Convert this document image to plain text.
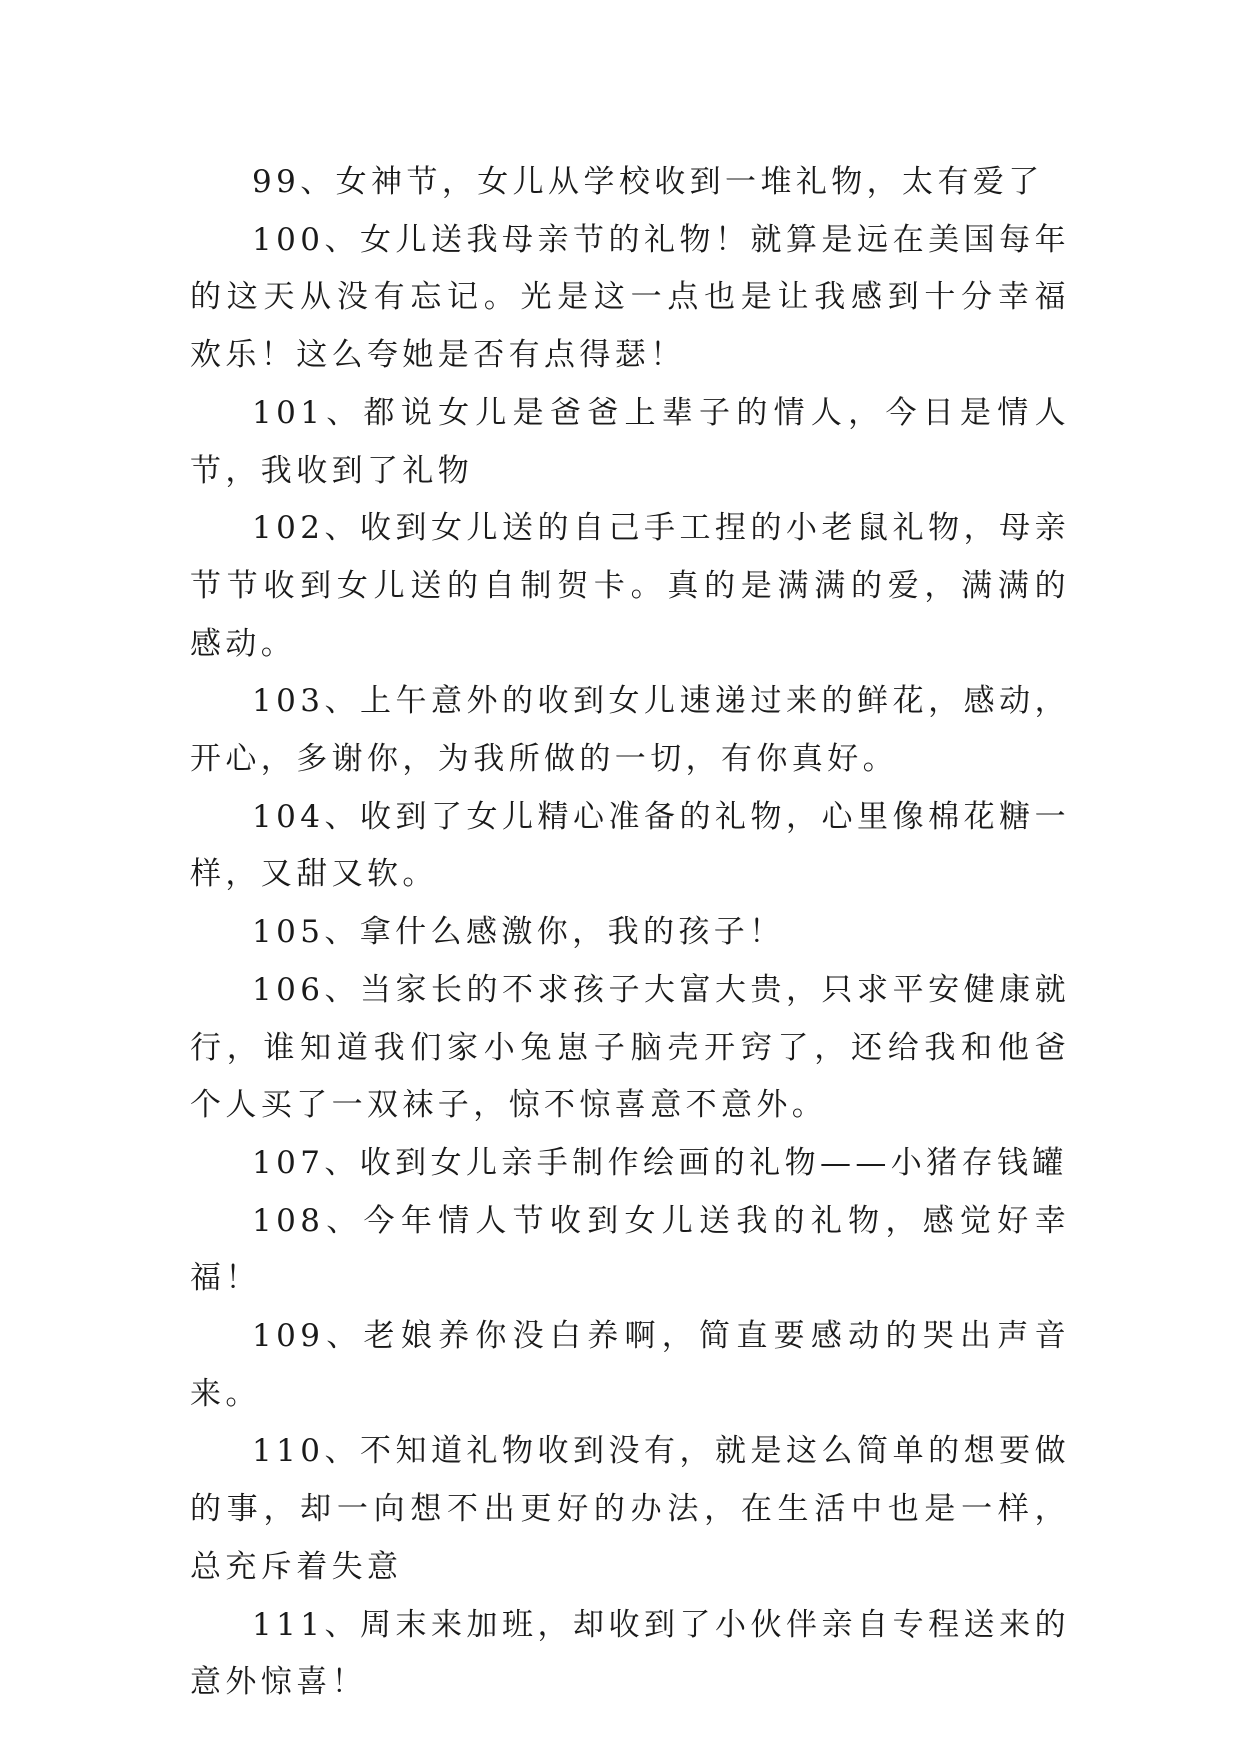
99、女神节，女儿从学校收到一堆礼物，太有爱了

100、女儿送我母亲节的礼物！就算是远在美国每年的这天从没有忘记。光是这一点也是让我感到十分幸福欢乐！这么夸她是否有点得瑟！

101、都说女儿是爸爸上辈子的情人，今日是情人节，我收到了礼物

102、收到女儿送的自己手工捏的小老鼠礼物，母亲节节收到女儿送的自制贺卡。真的是满满的爱，满满的感动。

103、上午意外的收到女儿速递过来的鲜花，感动，开心，多谢你，为我所做的一切，有你真好。

104、收到了女儿精心准备的礼物，心里像棉花糖一样，又甜又软。

105、拿什么感激你，我的孩子！

106、当家长的不求孩子大富大贵，只求平安健康就行，谁知道我们家小兔崽子脑壳开窍了，还给我和他爸个人买了一双袜子，惊不惊喜意不意外。

107、收到女儿亲手制作绘画的礼物——小猪存钱罐

108、今年情人节收到女儿送我的礼物，感觉好幸福！

109、老娘养你没白养啊，简直要感动的哭出声音来。

110、不知道礼物收到没有，就是这么简单的想要做的事，却一向想不出更好的办法，在生活中也是一样，总充斥着失意

111、周末来加班，却收到了小伙伴亲自专程送来的意外惊喜！
